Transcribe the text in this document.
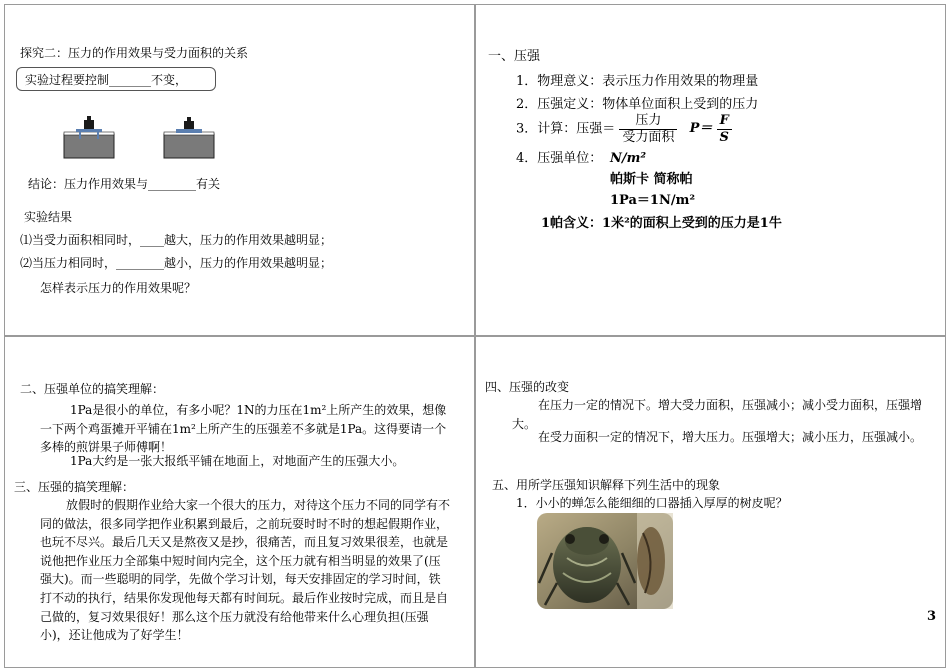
探究二：压力的作用效果与受力面积的关系
实验过程要控制_______不变，
结论：压力作用效果与________有关
实验结果
⑴当受力面积相同时，____越大，压力的作用效果越明显；
⑵当压力相同时，________越小，压力的作用效果越明显；
怎样表示压力的作用效果呢？
一、压强
1．物理意义：表示压力作用效果的物理量
2．压强定义：物体单位面积上受到的压力
3．计算：压强＝ $\frac{\text{压力}}{\text{受力面积}} P= \frac{F}{S}$
4．压强单位： N/m²
帕斯卡 简称帕
1Pa＝1N/m²
1帕含义：1米²的面积上受到的压力是1牛
二、压强单位的搞笑理解：
1Pa是很小的单位，有多小呢？1N的力压在1m²上所产生的效果，想像一下两个鸡蛋摊开平铺在1m²上所产生的压强差不多就是1Pa。这得要请一个多棒的煎饼果子师傅啊！
1Pa大约是一张大报纸平铺在地面上，对地面产生的压强大小。
三、压强的搞笑理解：
放假时的假期作业给大家一个很大的压力，对待这个压力不同的同学有不同的做法，很多同学把作业积累到最后，之前玩耍时时不时的想起假期作业，也玩不尽兴。最后几天又是熬夜又是抄，很痛苦，而且复习效果很差，也就是说他把作业压力全部集中短时间内完全，这个压力就有相当明显的效果了(压强大)。而一些聪明的同学，先做个学习计划，每天安排固定的学习时间，铁打不动的执行，结果你发现他每天都有时间玩。最后作业按时完成，而且是自己做的，复习效果很好！那么这个压力就没有给他带来什么心理负担(压强小)，还让他成为了好学生！
四、压强的改变
在压力一定的情况下。增大受力面积，压强减小；减小受力面积，压强增大。
在受力面积一定的情况下，增大压力。压强增大；减小压力，压强减小。
五、用所学压强知识解释下列生活中的现象
1．小小的蝉怎么能细细的口器插入厚厚的树皮呢？
3
